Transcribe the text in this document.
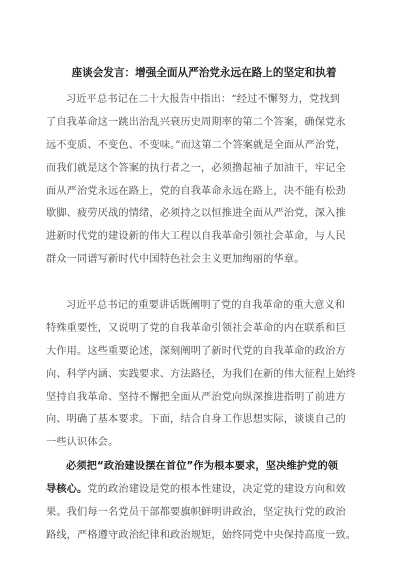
座谈会发言：增强全面从严治党永远在路上的坚定和执着
习近平总书记在二十大报告中指出：“经过不懈努力，党找到
了自我革命这一跳出治乱兴衰历史周期率的第二个答案，确保党永
远不变质、不变色、不变味。”而这第二个答案就是全面从严治党，
而我们就是这个答案的执行者之一，必须撸起袖子加油干，牢记全
面从严治党永远在路上，党的自我革命永远在路上，决不能有松劲
歇脚、疲劳厌战的情绪，必须持之以恒推进全面从严治党，深入推
进新时代党的建设新的伟大工程以自我革命引领社会革命，与人民
群众一同谱写新时代中国特色社会主义更加绚丽的华章。
习近平总书记的重要讲话既阐明了党的自我革命的重大意义和
特殊重要性，又说明了党的自我革命引领社会革命的内在联系和巨
大作用。这些重要论述，深刻阐明了新时代党的自我革命的政治方
向、科学内涵、实践要求、方法路径，为我们在新的伟大征程上始终
坚持自我革命、坚持不懈把全面从严治党向纵深推进指明了前进方
向、明确了基本要求。下面，结合自身工作思想实际，谈谈自己的
一些认识体会。
必须把“政治建设摆在首位”作为根本要求，坚决维护党的领
导核心。党的政治建设是党的根本性建设，决定党的建设方向和效
果。我们每一名党员干部都要旗帜鲜明讲政治，坚定执行党的政治
路线，严格遵守政治纪律和政治规矩，始终同党中央保持高度一致。
